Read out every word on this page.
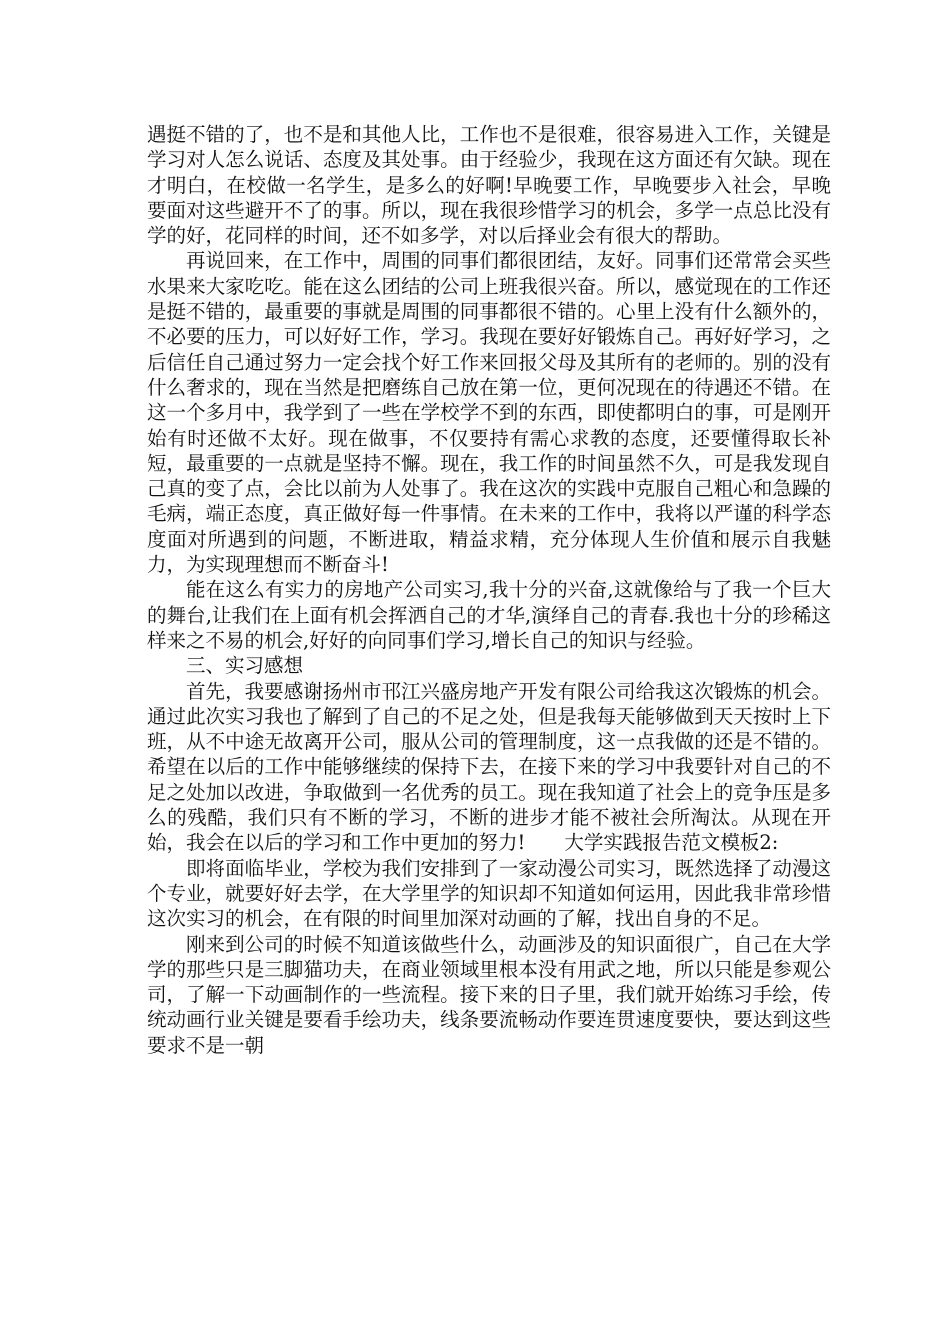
遇挺不错的了，也不是和其他人比，工作也不是很难，很容易进入工作，关键是学习对人怎么说话、态度及其处事。由于经验少，我现在这方面还有欠缺。现在才明白，在校做一名学生，是多么的好啊!早晚要工作，早晚要步入社会，早晚要面对这些避开不了的事。所以，现在我很珍惜学习的机会，多学一点总比没有学的好，花同样的时间，还不如多学，对以后择业会有很大的帮助。

再说回来，在工作中，周围的同事们都很团结，友好。同事们还常常会买些水果来大家吃吃。能在这么团结的公司上班我很兴奋。所以，感觉现在的工作还是挺不错的，最重要的事就是周围的同事都很不错的。心里上没有什么额外的，不必要的压力，可以好好工作，学习。我现在要好好锻炼自己。再好好学习，之后信任自己通过努力一定会找个好工作来回报父母及其所有的老师的。别的没有什么奢求的，现在当然是把磨练自己放在第一位，更何况现在的待遇还不错。在这一个多月中，我学到了一些在学校学不到的东西，即使都明白的事，可是刚开始有时还做不太好。现在做事，不仅要持有需心求教的态度，还要懂得取长补短，最重要的一点就是坚持不懈。现在，我工作的时间虽然不久，可是我发现自己真的变了点，会比以前为人处事了。我在这次的实践中克服自己粗心和急躁的毛病，端正态度，真正做好每一件事情。在未来的工作中，我将以严谨的科学态度面对所遇到的问题，不断进取，精益求精，充分体现人生价值和展示自我魅力，为实现理想而不断奋斗!

能在这么有实力的房地产公司实习,我十分的兴奋,这就像给与了我一个巨大的舞台,让我们在上面有机会挥洒自己的才华,演绎自己的青春.我也十分的珍稀这样来之不易的机会,好好的向同事们学习,增长自己的知识与经验。

三、实习感想

首先，我要感谢扬州市邗江兴盛房地产开发有限公司给我这次锻炼的机会。通过此次实习我也了解到了自己的不足之处，但是我每天能够做到天天按时上下班，从不中途无故离开公司，服从公司的管理制度，这一点我做的还是不错的。希望在以后的工作中能够继续的保持下去，在接下来的学习中我要针对自己的不足之处加以改进，争取做到一名优秀的员工。现在我知道了社会上的竞争压是多么的残酷，我们只有不断的学习，不断的进步才能不被社会所淘汰。从现在开始，我会在以后的学习和工作中更加的努力!　　大学实践报告范文模板2:

即将面临毕业，学校为我们安排到了一家动漫公司实习，既然选择了动漫这个专业，就要好好去学，在大学里学的知识却不知道如何运用，因此我非常珍惜这次实习的机会，在有限的时间里加深对动画的了解，找出自身的不足。

刚来到公司的时候不知道该做些什么，动画涉及的知识面很广，自己在大学学的那些只是三脚猫功夫，在商业领域里根本没有用武之地，所以只能是参观公司，了解一下动画制作的一些流程。接下来的日子里，我们就开始练习手绘，传统动画行业关键是要看手绘功夫，线条要流畅动作要连贯速度要快，要达到这些要求不是一朝
